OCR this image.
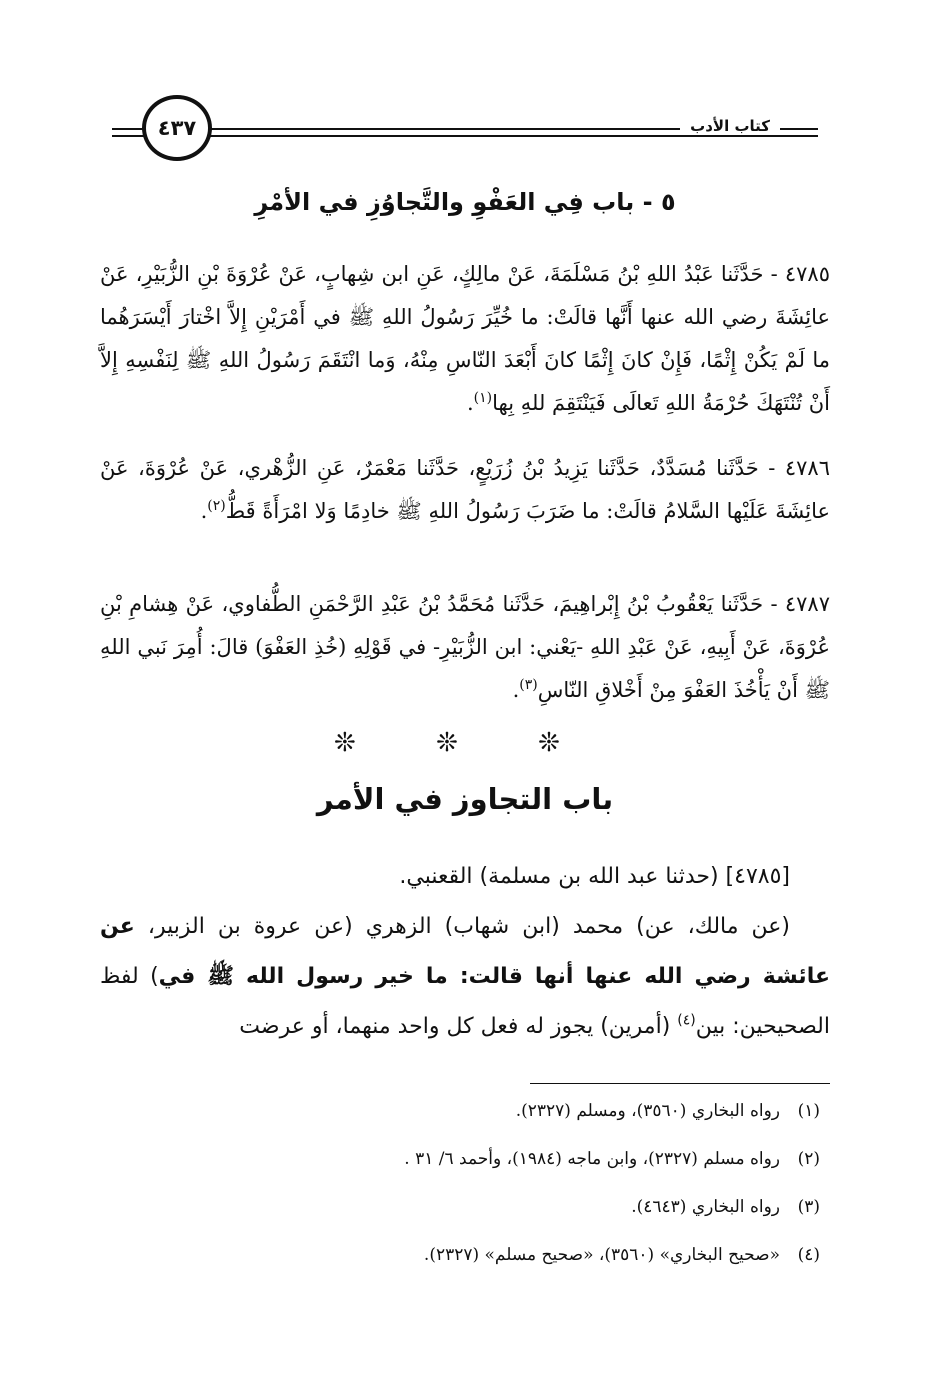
كتاب الأدب
٤٣٧
٥ - باب فِي العَفْوِ والتَّجاوُزِ في الأمْرِ

٤٧٨٥ - حَدَّثَنا عَبْدُ اللهِ بْنُ مَسْلَمَةَ، عَنْ مالِكٍ، عَنِ ابن شِهابٍ، عَنْ عُرْوَةَ بْنِ الزُّبَيْرِ، عَنْ عائِشَةَ رضي الله عنها أَنَّها قالَتْ: ما خُيِّرَ رَسُولُ اللهِ ﷺ في أَمْرَيْنِ إِلاَّ اخْتارَ أَيْسَرَهُما ما لَمْ يَكُنْ إِثْمًا، فَإِنْ كانَ إِثْمًا كانَ أَبْعَدَ النّاسِ مِنْهُ، وَما انْتَقَمَ رَسُولُ اللهِ ﷺ لِنَفْسِهِ إِلاَّ أَنْ تُنْتَهَكَ حُرْمَةُ اللهِ تَعالَى فَيَنْتَقِمَ للهِ بِها$^{(١)}$.

٤٧٨٦ - حَدَّثَنا مُسَدَّدٌ، حَدَّثَنا يَزِيدُ بْنُ زُرَيْعٍ، حَدَّثَنا مَعْمَرٌ، عَنِ الزُّهْري، عَنْ عُرْوَةَ، عَنْ عائِشَةَ عَلَيْها السَّلامُ قالَتْ: ما ضَرَبَ رَسُولُ اللهِ ﷺ خادِمًا وَلا امْرَأَةً قَطُّ$^{(٢)}$.

٤٧٨٧ - حَدَّثَنا يَعْقُوبُ بْنُ إِبْراهِيمَ، حَدَّثَنا مُحَمَّدُ بْنُ عَبْدِ الرَّحْمَنِ الطُّفاوي، عَنْ هِشامِ بْنِ عُرْوَةَ، عَنْ أَبِيهِ، عَنْ عَبْدِ اللهِ -يَعْني: ابن الزُّبَيْرِ- في قَوْلِهِ (خُذِ العَفْوَ) قالَ: أُمِرَ نَبي اللهِ ﷺ أَنْ يَأْخُذَ العَفْوَ مِنْ أَخْلاقِ النّاسِ$^{(٣)}$.

❊ ❊ ❊
باب التجاوز في الأمر

[٤٧٨٥] (حدثنا عبد الله بن مسلمة) القعنبي.

(عن مالك، عن) محمد (ابن شهاب) الزهري (عن عروة بن الزبير، عن عائشة رضي الله عنها أنها قالت: ما خير رسول الله ﷺ في) لفظ الصحيحين: بين$^{(٤)}$ (أمرين) يجوز له فعل كل واحد منهما، أو عرضت

(١)رواه البخاري (٣٥٦٠)، ومسلم (٢٣٢٧).
(٢)رواه مسلم (٢٣٢٧)، وابن ماجه (١٩٨٤)، وأحمد ٦/ ٣١ .
(٣)رواه البخاري (٤٦٤٣).
(٤)«صحيح البخاري» (٣٥٦٠)، «صحيح مسلم» (٢٣٢٧).
